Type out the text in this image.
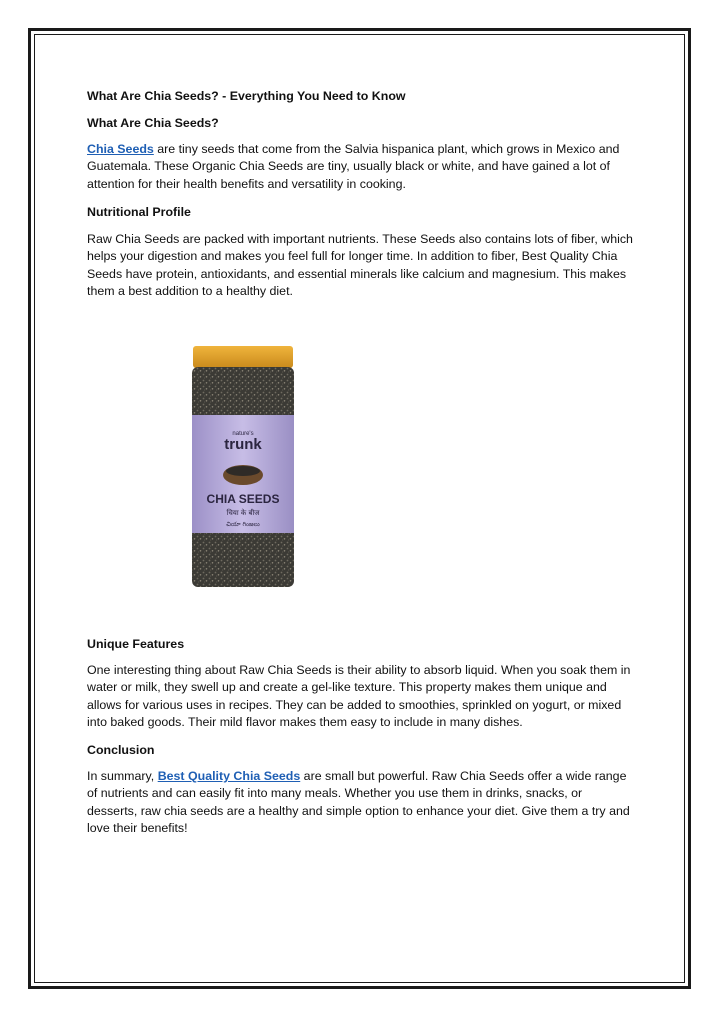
What Are Chia Seeds? - Everything You Need to Know

What Are Chia Seeds?

Chia Seeds are tiny seeds that come from the Salvia hispanica plant, which grows in Mexico and Guatemala. These Organic Chia Seeds are tiny, usually black or white, and have gained a lot of attention for their health benefits and versatility in cooking.

Nutritional Profile

Raw Chia Seeds are packed with important nutrients. These Seeds also contains lots of fiber, which helps your digestion and makes you feel full for longer time. In addition to fiber, Best Quality Chia Seeds have protein, antioxidants, and essential minerals like calcium and magnesium. This makes them a best addition to a healthy diet.

nature's
trunk
CHIA SEEDS
चिया के बीज
చియా గింజలు

Unique Features

One interesting thing about Raw Chia Seeds is their ability to absorb liquid. When you soak them in water or milk, they swell up and create a gel-like texture. This property makes them unique and allows for various uses in recipes. They can be added to smoothies, sprinkled on yogurt, or mixed into baked goods. Their mild flavor makes them easy to include in many dishes.

Conclusion

In summary, Best Quality Chia Seeds are small but powerful. Raw Chia Seeds offer a wide range of nutrients and can easily fit into many meals. Whether you use them in drinks, snacks, or desserts, raw chia seeds are a healthy and simple option to enhance your diet. Give them a try and love their benefits!
